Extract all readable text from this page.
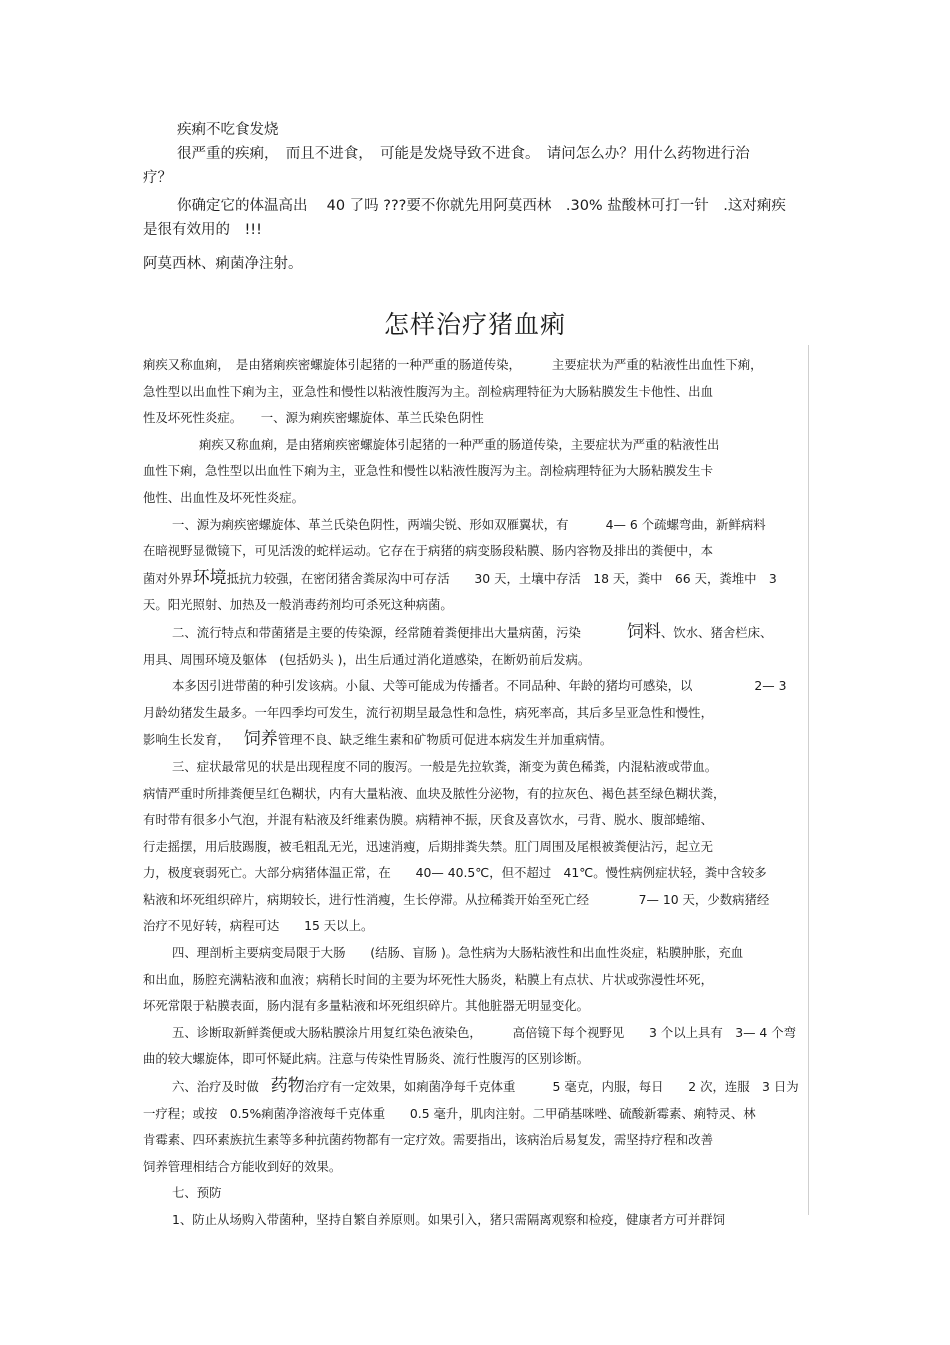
疾痢不吃食发烧

很严重的疾痢，　而且不进食，　可能是发烧导致不进食。　请问怎么办？用什么药物进行治

疗？

你确定它的体温高出　 40 了吗 ???要不你就先用阿莫西林　.30% 盐酸林可打一针　.这对痢疾

是很有效用的　!!!

阿莫西林、痢菌净注射。

怎样治疗猪血痢

痢疾又称血痢，　是由猪痢疾密螺旋体引起猪的一种严重的肠道传染，　　　主要症状为严重的粘液性出血性下痢，

急性型以出血性下痢为主，亚急性和慢性以粘液性腹泻为主。剖检病理特征为大肠粘膜发生卡他性、出血

性及坏死性炎症。　　一、源为痢疾密螺旋体、革兰氏染色阴性

痢疾又称血痢，是由猪痢疾密螺旋体引起猪的一种严重的肠道传染，主要症状为严重的粘液性出

血性下痢，急性型以出血性下痢为主，亚急性和慢性以粘液性腹泻为主。剖检病理特征为大肠粘膜发生卡

他性、出血性及坏死性炎症。

一、源为痢疾密螺旋体、革兰氏染色阴性，两端尖锐、形如双雁翼状，有　　　4— 6 个疏螺弯曲，新鲜病料

在暗视野显微镜下，可见活泼的蛇样运动。它存在于病猪的病变肠段粘膜、肠内容物及排出的粪便中，本

菌对外界环境抵抗力较强，在密闭猪舍粪尿沟中可存活　　30 天，土壤中存活　18 天，粪中　66 天，粪堆中　3

天。阳光照射、加热及一般消毒药剂均可杀死这种病菌。

二、流行特点和带菌猪是主要的传染源，经常随着粪便排出大量病菌，污染	饲料、饮水、猪舍栏床、

用具、周围环境及躯体　(包括奶头 )，出生后通过消化道感染，在断奶前后发病。

本多因引进带菌的种引发该病。小鼠、犬等可能成为传播者。不同品种、年龄的猪均可感染，以　　　　　2— 3

月龄幼猪发生最多。一年四季均可发生，流行初期呈最急性和急性，病死率高，其后多呈亚急性和慢性，

影响生长发育， 饲养管理不良、缺乏维生素和矿物质可促进本病发生并加重病情。

三、症状最常见的状是出现程度不同的腹泻。一般是先拉软粪，渐变为黄色稀粪，内混粘液或带血。

病情严重时所排粪便呈红色糊状，内有大量粘液、血块及脓性分泌物，有的拉灰色、褐色甚至绿色糊状粪，

有时带有很多小气泡，并混有粘液及纤维素伪膜。病精神不振，厌食及喜饮水，弓背、脱水、腹部蜷缩、

行走摇摆，用后肢踢腹，被毛粗乱无光，迅速消瘦，后期排粪失禁。肛门周围及尾根被粪便沾污，起立无

力，极度衰弱死亡。大部分病猪体温正常，在　　40— 40.5℃，但不超过　41℃。慢性病例症状轻，粪中含较多

粘液和坏死组织碎片，病期较长，进行性消瘦，生长停滞。从拉稀粪开始至死亡经　　　　7— 10 天，少数病猪经

治疗不见好转，病程可达　　15 天以上。

四、理剖析主要病变局限于大肠　　(结肠、盲肠 )。急性病为大肠粘液性和出血性炎症，粘膜肿胀，充血

和出血，肠腔充满粘液和血液；病稍长时间的主要为坏死性大肠炎，粘膜上有点状、片状或弥漫性坏死，

坏死常限于粘膜表面，肠内混有多量粘液和坏死组织碎片。其他脏器无明显变化。

五、诊断取新鲜粪便或大肠粘膜涂片用复红染色液染色，　　　高倍镜下每个视野见　　3 个以上具有　3— 4 个弯

曲的较大螺旋体，即可怀疑此病。注意与传染性胃肠炎、流行性腹泻的区别诊断。

六、治疗及时做 药物治疗有一定效果，如痢菌净每千克体重　　　5 毫克，内服，每日　　2 次，连服　3 日为

一疗程；或按　0.5%痢菌净溶液每千克体重　　0.5 毫升，肌肉注射。二甲硝基咪唑、硫酸新霉素、痢特灵、林

肯霉素、四环素族抗生素等多种抗菌药物都有一定疗效。需要指出，该病治后易复发，需坚持疗程和改善

饲养管理相结合方能收到好的效果。

七、预防

1、防止从场购入带菌种，坚持自繁自养原则。如果引入，猪只需隔离观察和检疫，健康者方可并群饲
